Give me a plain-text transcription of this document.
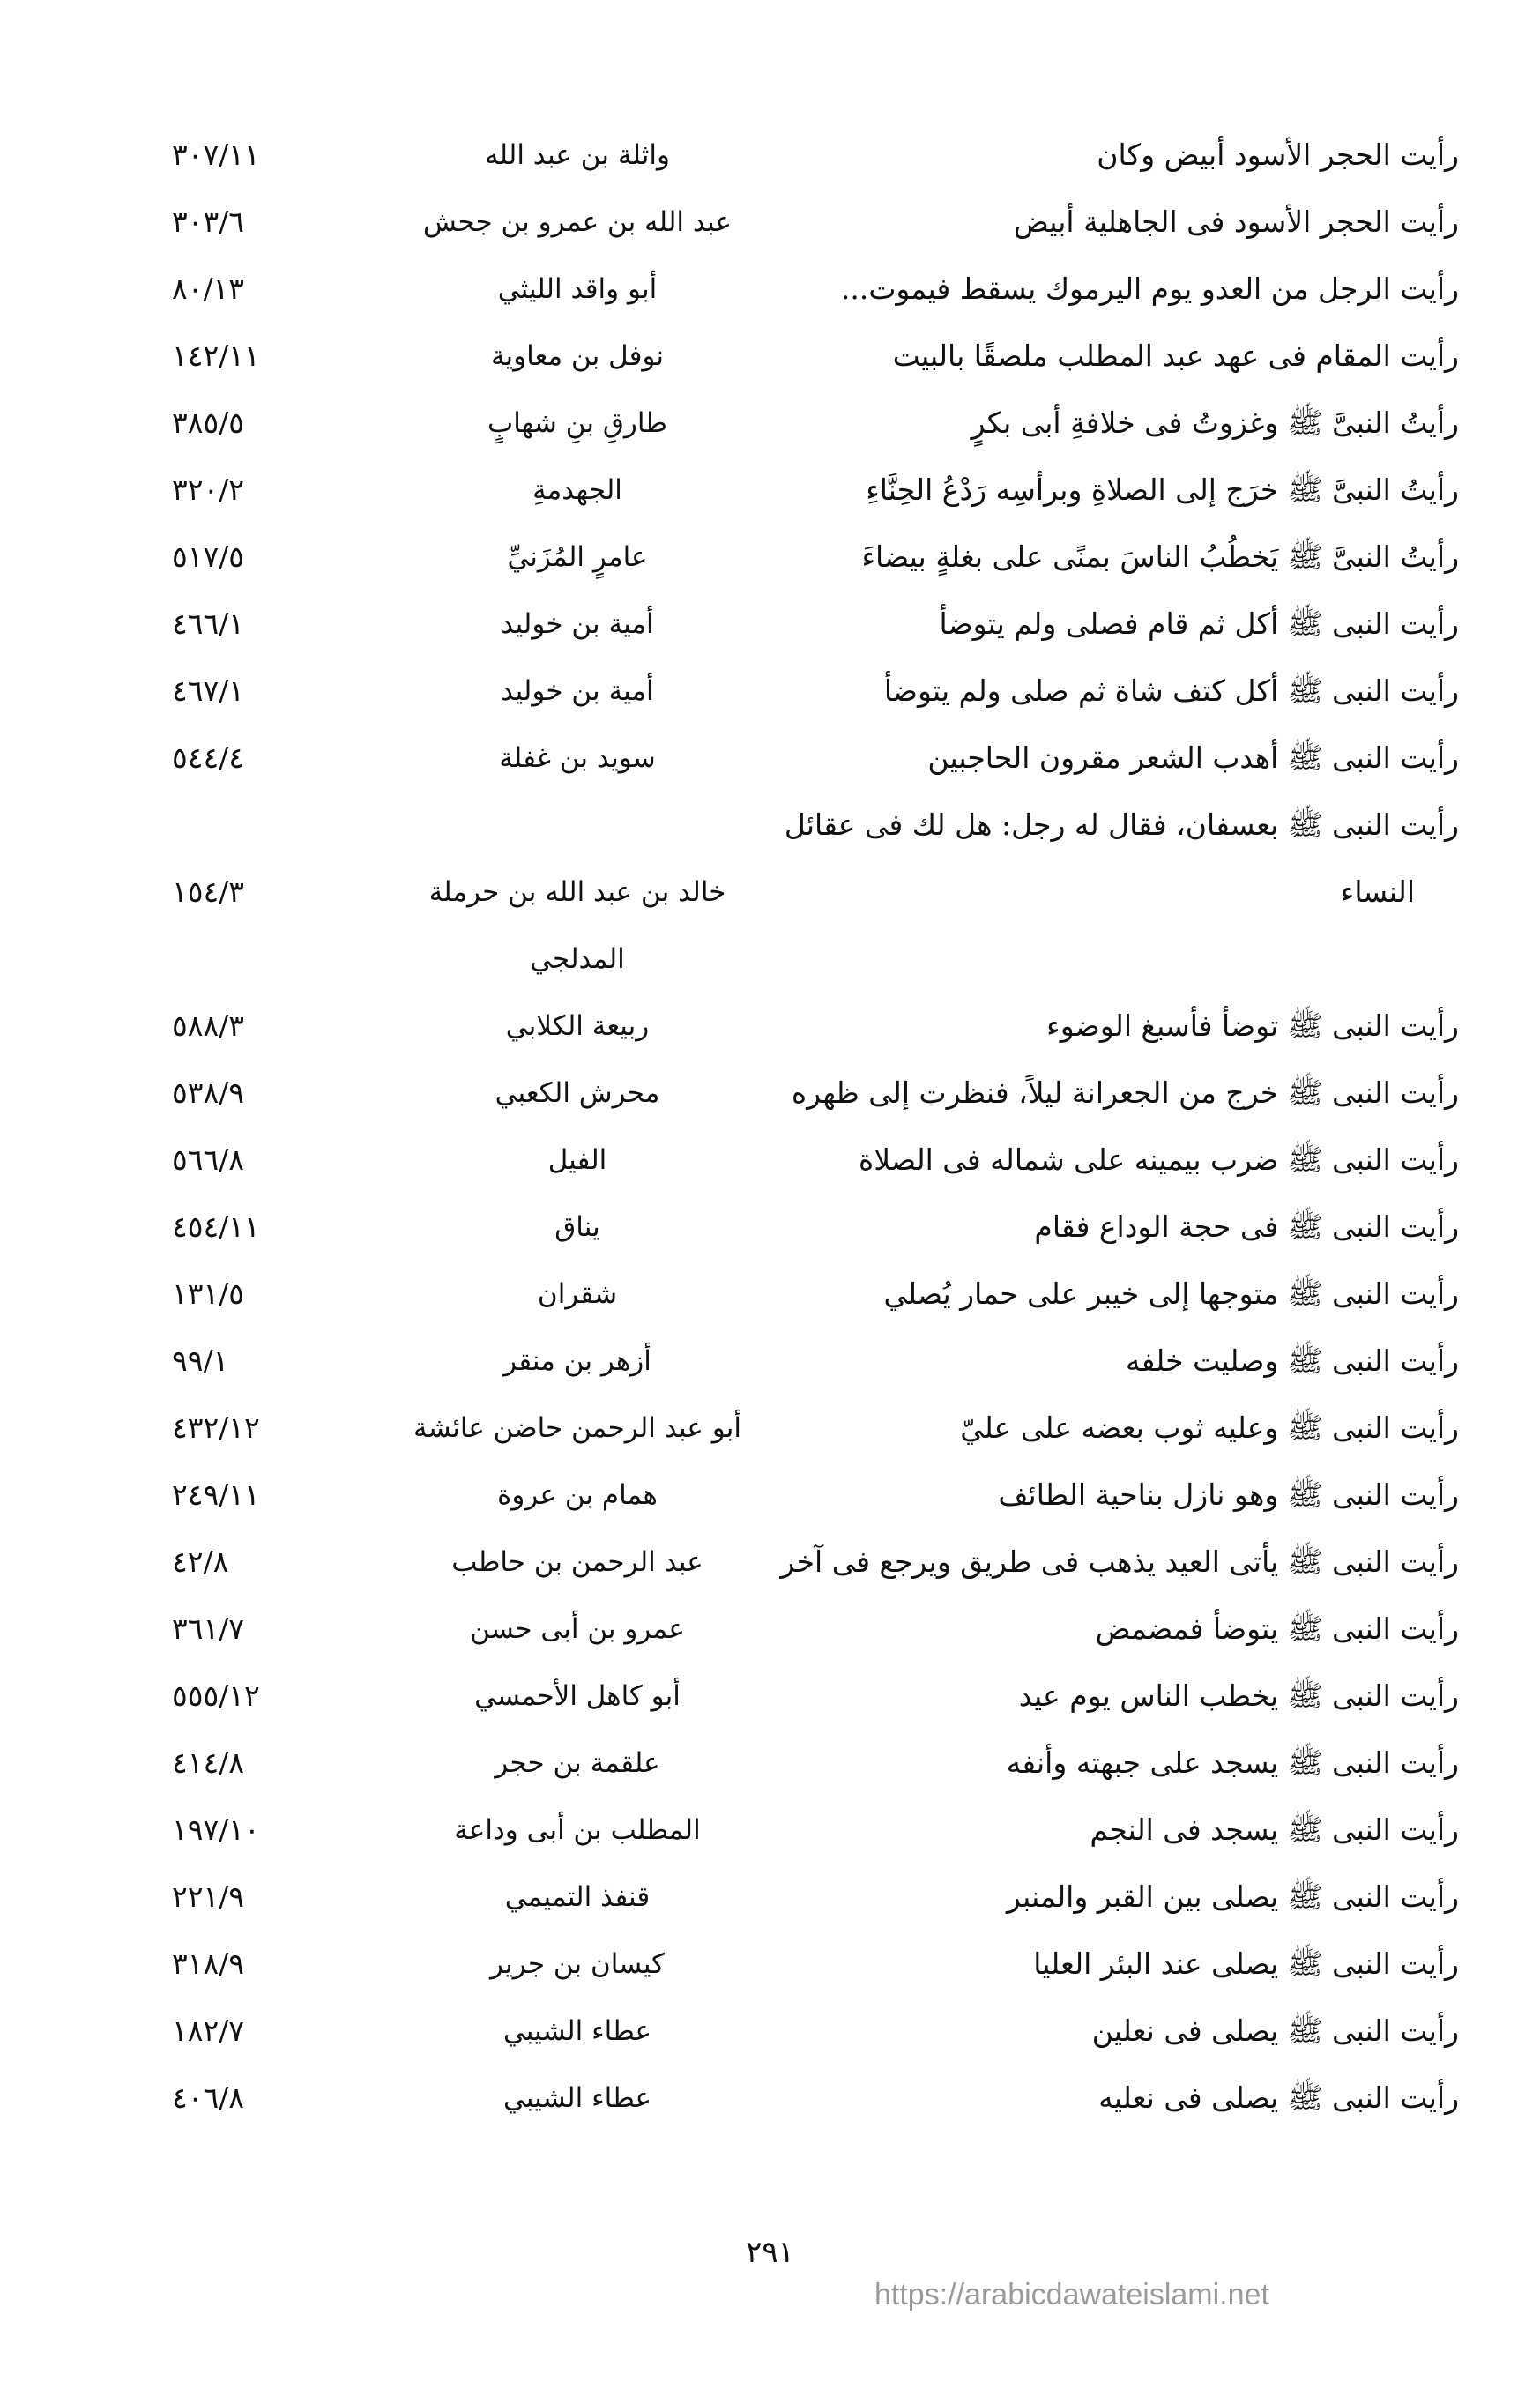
رأيت الحجر الأسود أبيض وكان
واثلة بن عبد الله
٣٠٧/١١
رأيت الحجر الأسود فى الجاهلية أبيض
عبد الله بن عمرو بن جحش
٣٠٣/٦
رأيت الرجل من العدو يوم اليرموك يسقط فيموت...
أبو واقد الليثي
٨٠/١٣
رأيت المقام فى عهد عبد المطلب ملصقًا بالبيت
نوفل بن معاوية
١٤٢/١١
رأيتُ النبىَّ ﷺ وغزوتُ فى خلافةِ أبى بكرٍ
طارقِ بنِ شهابٍ
٣٨٥/٥
رأيتُ النبىَّ ﷺ خرَج إلى الصلاةِ وبرأسِه رَدْعُ الحِنَّاءِ
الجهدمةِ
٣٢٠/٢
رأيتُ النبىَّ ﷺ يَخطُبُ الناسَ بمنًى على بغلةٍ بيضاءَ
عامرٍ المُزَنيِّ
٥١٧/٥
رأيت النبى ﷺ أكل ثم قام فصلى ولم يتوضأ
أمية بن خوليد
٤٦٦/١
رأيت النبى ﷺ أكل كتف شاة ثم صلى ولم يتوضأ
أمية بن خوليد
٤٦٧/١
رأيت النبى ﷺ أهدب الشعر مقرون الحاجبين
سويد بن غفلة
٥٤٤/٤
رأيت النبى ﷺ بعسفان، فقال له رجل: هل لك فى عقائل
١٥٤/٣	خالد بن عبد الله بن حرملة	النساء
المدلجي
رأيت النبى ﷺ توضأ فأسبغ الوضوء
ربيعة الكلابي
٥٨٨/٣
رأيت النبى ﷺ خرج من الجعرانة ليلاً، فنظرت إلى ظهره
محرش الكعبي
٥٣٨/٩
رأيت النبى ﷺ ضرب بيمينه على شماله فى الصلاة
الفيل
٥٦٦/٨
رأيت النبى ﷺ فى حجة الوداع فقام
يناق
٤٥٤/١١
رأيت النبى ﷺ متوجها إلى خيبر على حمار يُصلي
شقران
١٣١/٥
رأيت النبى ﷺ وصليت خلفه
أزهر بن منقر
٩٩/١
رأيت النبى ﷺ وعليه ثوب بعضه على عليّ
أبو عبد الرحمن حاضن عائشة
٤٣٢/١٢
رأيت النبى ﷺ وهو نازل بناحية الطائف
همام بن عروة
٢٤٩/١١
رأيت النبى ﷺ يأتى العيد يذهب فى طريق ويرجع فى آخر
عبد الرحمن بن حاطب
٤٢/٨
رأيت النبى ﷺ يتوضأ فمضمض
عمرو بن أبى حسن
٣٦١/٧
رأيت النبى ﷺ يخطب الناس يوم عيد
أبو كاهل الأحمسي
٥٥٥/١٢
رأيت النبى ﷺ يسجد على جبهته وأنفه
علقمة بن حجر
٤١٤/٨
رأيت النبى ﷺ يسجد فى النجم
المطلب بن أبى وداعة
١٩٧/١٠
رأيت النبى ﷺ يصلى بين القبر والمنبر
قنفذ التميمي
٢٢١/٩
رأيت النبى ﷺ يصلى عند البئر العليا
كيسان بن جرير
٣١٨/٩
رأيت النبى ﷺ يصلى فى نعلين
عطاء الشيبي
١٨٢/٧
رأيت النبى ﷺ يصلى فى نعليه
عطاء الشيبي
٤٠٦/٨
٢٩١
https://arabicdawateislami.net
